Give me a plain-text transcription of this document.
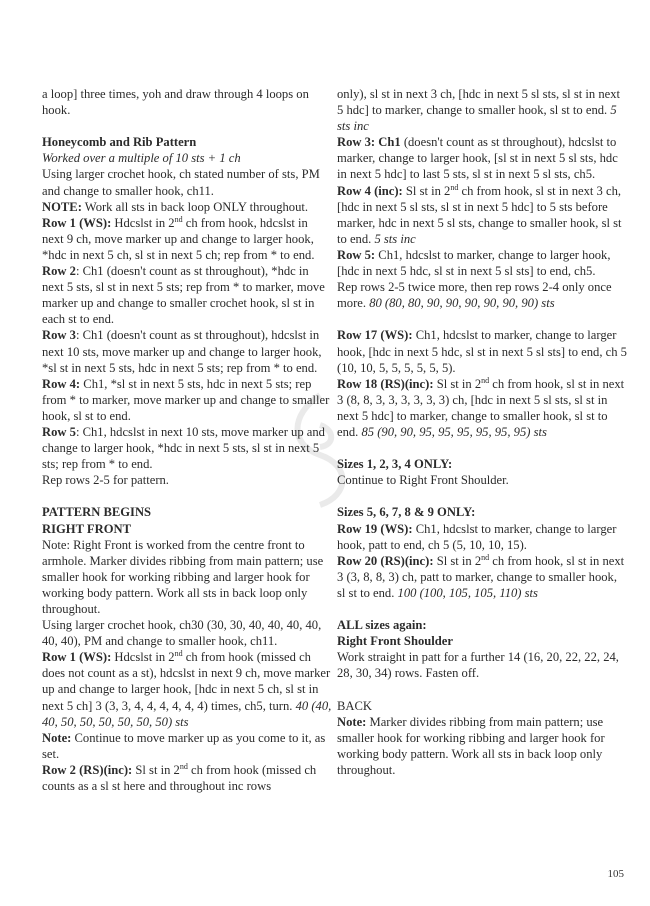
a loop] three times, yoh and draw through 4 loops on hook.
Honeycomb and Rib Pattern
Worked over a multiple of 10 sts + 1 ch
Using larger crochet hook, ch stated number of sts, PM and change to smaller hook, ch11.
NOTE: Work all sts in back loop ONLY throughout.
Row 1 (WS): Hdcslst in 2nd ch from hook, hdcslst in next 9 ch, move marker up and change to larger hook, *hdc in next 5 ch, sl st in next 5 ch; rep from * to end.
Row 2: Ch1 (doesn't count as st throughout), *hdc in next 5 sts, sl st in next 5 sts; rep from * to marker, move marker up and change to smaller crochet hook, sl st in each st to end.
Row 3: Ch1 (doesn't count as st throughout), hdcslst in next 10 sts, move marker up and change to larger hook, *sl st in next 5 sts, hdc in next 5 sts; rep from * to end.
Row 4: Ch1, *sl st in next 5 sts, hdc in next 5 sts; rep from * to marker, move marker up and change to smaller hook, sl st to end.
Row 5: Ch1, hdcslst in next 10 sts, move marker up and change to larger hook, *hdc in next 5 sts, sl st in next 5 sts; rep from * to end.
Rep rows 2-5 for pattern.
PATTERN BEGINS
RIGHT FRONT
Note: Right Front is worked from the centre front to armhole. Marker divides ribbing from main pattern; use smaller hook for working ribbing and larger hook for working body pattern. Work all sts in back loop only throughout.
Using larger crochet hook, ch30 (30, 30, 40, 40, 40, 40, 40, 40), PM and change to smaller hook, ch11.
Row 1 (WS): Hdcslst in 2nd ch from hook (missed ch does not count as a st), hdcslst in next 9 ch, move marker up and change to larger hook, [hdc in next 5 ch, sl st in next 5 ch] 3 (3, 3, 4, 4, 4, 4, 4, 4) times, ch5, turn. 40 (40, 40, 50, 50, 50, 50, 50, 50) sts
Note: Continue to move marker up as you come to it, as set.
Row 2 (RS)(inc): Sl st in 2nd ch from hook (missed ch counts as a sl st here and throughout inc rows
only), sl st in next 3 ch, [hdc in next 5 sl sts, sl st in next 5 hdc] to marker, change to smaller hook, sl st to end. 5 sts inc
Row 3: Ch1 (doesn't count as st throughout), hdcslst to marker, change to larger hook, [sl st in next 5 sl sts, hdc in next 5 hdc] to last 5 sts, sl st in next 5 sl sts, ch5.
Row 4 (inc): Sl st in 2nd ch from hook, sl st in next 3 ch, [hdc in next 5 sl sts, sl st in next 5 hdc] to 5 sts before marker, hdc in next 5 sl sts, change to smaller hook, sl st to end. 5 sts inc
Row 5: Ch1, hdcslst to marker, change to larger hook, [hdc in next 5 hdc, sl st in next 5 sl sts] to end, ch5.
Rep rows 2-5 twice more, then rep rows 2-4 only once more. 80 (80, 80, 90, 90, 90, 90, 90, 90) sts
Row 17 (WS): Ch1, hdcslst to marker, change to larger hook, [hdc in next 5 hdc, sl st in next 5 sl sts] to end, ch 5 (10, 10, 5, 5, 5, 5, 5, 5).
Row 18 (RS)(inc): Sl st in 2nd ch from hook, sl st in next 3 (8, 8, 3, 3, 3, 3, 3, 3) ch, [hdc in next 5 sl sts, sl st in next 5 hdc] to marker, change to smaller hook, sl st to end. 85 (90, 90, 95, 95, 95, 95, 95, 95) sts
Sizes 1, 2, 3, 4 ONLY:
Continue to Right Front Shoulder.
Sizes 5, 6, 7, 8 & 9 ONLY:
Row 19 (WS): Ch1, hdcslst to marker, change to larger hook, patt to end, ch 5 (5, 10, 10, 15).
Row 20 (RS)(inc): Sl st in 2nd ch from hook, sl st in next 3 (3, 8, 8, 3) ch, patt to marker, change to smaller hook, sl st to end. 100 (100, 105, 105, 110) sts
ALL sizes again:
Right Front Shoulder
Work straight in patt for a further 14 (16, 20, 22, 22, 24, 28, 30, 34) rows. Fasten off.
BACK
Note: Marker divides ribbing from main pattern; use smaller hook for working ribbing and larger hook for working body pattern. Work all sts in back loop only throughout.
105
